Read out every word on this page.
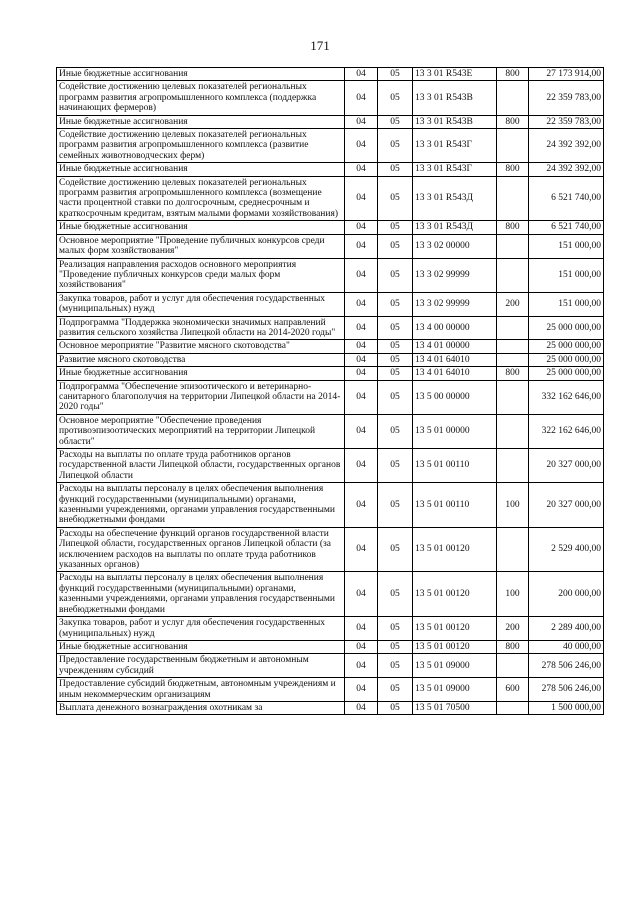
171
Иные бюджетные ассигнования	04	05	13 3 01 R543Е	800	27 173 914,00
Содействие достижению целевых показателей региональных программ развития агропромышленного комплекса (поддержка начинающих фермеров)	04	05	13 3 01 R543В		22 359 783,00
Иные бюджетные ассигнования	04	05	13 3 01 R543В	800	22 359 783,00
Содействие достижению целевых показателей региональных программ развития агропромышленного комплекса (развитие семейных животноводческих ферм)	04	05	13 3 01 R543Г		24 392 392,00
Иные бюджетные ассигнования	04	05	13 3 01 R543Г	800	24 392 392,00
Содействие достижению целевых показателей региональных программ развития агропромышленного комплекса (возмещение части процентной ставки по долгосрочным, среднесрочным и краткосрочным кредитам, взятым малыми формами хозяйствования)	04	05	13 3 01 R543Д		6 521 740,00
Иные бюджетные ассигнования	04	05	13 3 01 R543Д	800	6 521 740,00
Основное мероприятие "Проведение публичных конкурсов среди малых форм хозяйствования"	04	05	13 3 02 00000		151 000,00
Реализация направления расходов основного мероприятия "Проведение публичных конкурсов среди малых форм хозяйствования"	04	05	13 3 02 99999		151 000,00
Закупка товаров, работ и услуг для обеспечения государственных (муниципальных) нужд	04	05	13 3 02 99999	200	151 000,00
Подпрограмма "Поддержка экономически значимых направлений развития сельского хозяйства Липецкой области на 2014-2020 годы"	04	05	13 4 00 00000		25 000 000,00
Основное мероприятие "Развитие мясного скотоводства"	04	05	13 4 01 00000		25 000 000,00
Развитие мясного скотоводства	04	05	13 4 01 64010		25 000 000,00
Иные бюджетные ассигнования	04	05	13 4 01 64010	800	25 000 000,00
Подпрограмма "Обеспечение эпизоотического и ветеринарно-санитарного благополучия на территории Липецкой области на 2014-2020 годы"	04	05	13 5 00 00000		332 162 646,00
Основное мероприятие "Обеспечение проведения противоэпизоотических мероприятий на территории Липецкой области"	04	05	13 5 01 00000		322 162 646,00
Расходы на выплаты по оплате труда работников органов государственной власти Липецкой области, государственных органов Липецкой области	04	05	13 5 01 00110		20 327 000,00
Расходы на выплаты персоналу в целях обеспечения выполнения функций государственными (муниципальными) органами, казенными учреждениями, органами управления государственными внебюджетными фондами	04	05	13 5 01 00110	100	20 327 000,00
Расходы на обеспечение функций органов государственной власти Липецкой области, государственных органов Липецкой области (за исключением расходов на выплаты по оплате труда работников указанных органов)	04	05	13 5 01 00120		2 529 400,00
Расходы на выплаты персоналу в целях обеспечения выполнения функций государственными (муниципальными) органами, казенными учреждениями, органами управления государственными внебюджетными фондами	04	05	13 5 01 00120	100	200 000,00
Закупка товаров, работ и услуг для обеспечения государственных (муниципальных) нужд	04	05	13 5 01 00120	200	2 289 400,00
Иные бюджетные ассигнования	04	05	13 5 01 00120	800	40 000,00
Предоставление государственным бюджетным и автономным учреждениям субсидий	04	05	13 5 01 09000		278 506 246,00
Предоставление субсидий бюджетным, автономным учреждениям и иным некоммерческим организациям	04	05	13 5 01 09000	600	278 506 246,00
Выплата денежного вознаграждения охотникам за	04	05	13 5 01 70500		1 500 000,00
